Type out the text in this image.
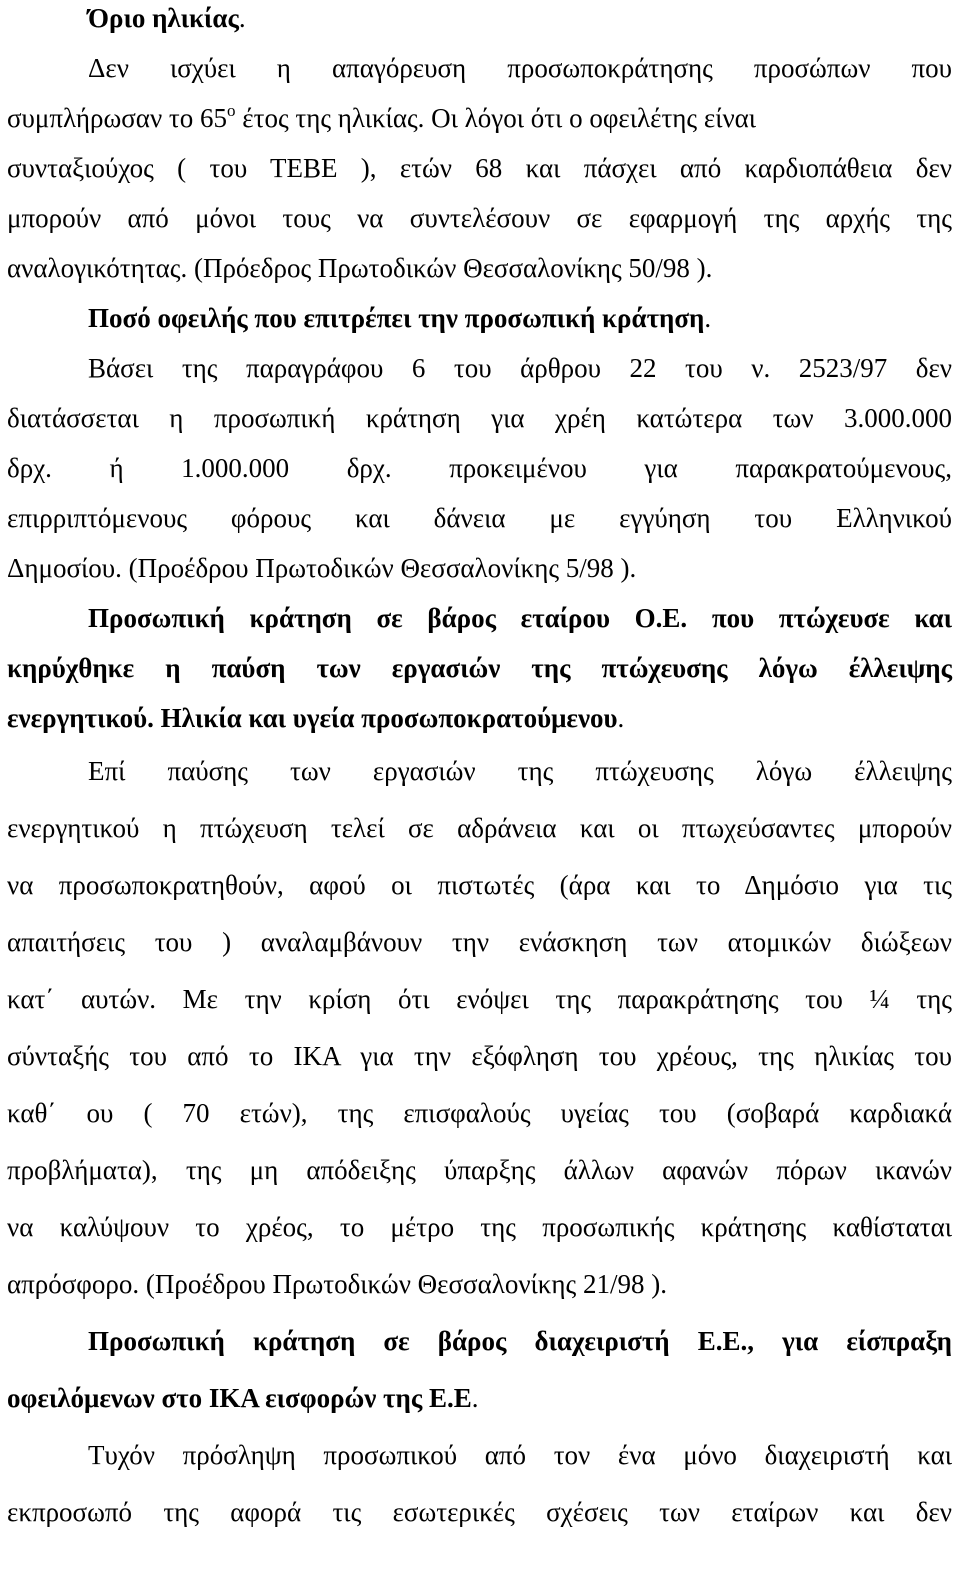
Όριο ηλικίας.
Δεν ισχύει η απαγόρευση προσωποκράτησης προσώπων που
συμπλήρωσαν το $65^o$ έτος της ηλικίας. Οι λόγοι ότι ο οφειλέτης είναι
συνταξιούχος ( του ΤΕΒΕ ), ετών 68 και πάσχει από καρδιοπάθεια δεν
μπορούν από μόνοι τους να συντελέσουν σε εφαρμογή της αρχής της
αναλογικότητας. (Πρόεδρος Πρωτοδικών Θεσσαλονίκης 50/98 ).
Ποσό οφειλής που επιτρέπει την προσωπική κράτηση.
Βάσει της παραγράφου 6 του άρθρου 22 του ν. 2523/97 δεν
διατάσσεται η προσωπική κράτηση για χρέη κατώτερα των 3.000.000
δρχ. ή 1.000.000 δρχ. προκειμένου για παρακρατούμενους,
επιρριπτόμενους φόρους και δάνεια με εγγύηση του Ελληνικού
Δημοσίου. (Προέδρου Πρωτοδικών Θεσσαλονίκης 5/98 ).
Προσωπική κράτηση σε βάρος εταίρου Ο.Ε. που πτώχευσε και
κηρύχθηκε η παύση των εργασιών της πτώχευσης λόγω έλλειψης
ενεργητικού. Ηλικία και υγεία προσωποκρατούμενου.
Επί παύσης των εργασιών της πτώχευσης λόγω έλλειψης
ενεργητικού η πτώχευση τελεί σε αδράνεια και οι πτωχεύσαντες μπορούν
να προσωποκρατηθούν, αφού οι πιστωτές (άρα και το Δημόσιο για τις
απαιτήσεις του ) αναλαμβάνουν την ενάσκηση των ατομικών διώξεων
κατ΄ αυτών. Με την κρίση ότι ενόψει της παρακράτησης του ¼ της
σύνταξής του από το ΙΚΑ για την εξόφληση του χρέους, της ηλικίας του
καθ΄ ου ( 70 ετών), της επισφαλούς υγείας του (σοβαρά καρδιακά
προβλήματα), της μη απόδειξης ύπαρξης άλλων αφανών πόρων ικανών
να καλύψουν το χρέος, το μέτρο της προσωπικής κράτησης καθίσταται
απρόσφορο. (Προέδρου Πρωτοδικών Θεσσαλονίκης 21/98 ).
Προσωπική κράτηση σε βάρος διαχειριστή Ε.Ε., για είσπραξη
οφειλόμενων στο ΙΚΑ εισφορών της Ε.Ε.
Τυχόν πρόσληψη προσωπικού από τον ένα μόνο διαχειριστή και
εκπροσωπό της αφορά τις εσωτερικές σχέσεις των εταίρων και δεν
